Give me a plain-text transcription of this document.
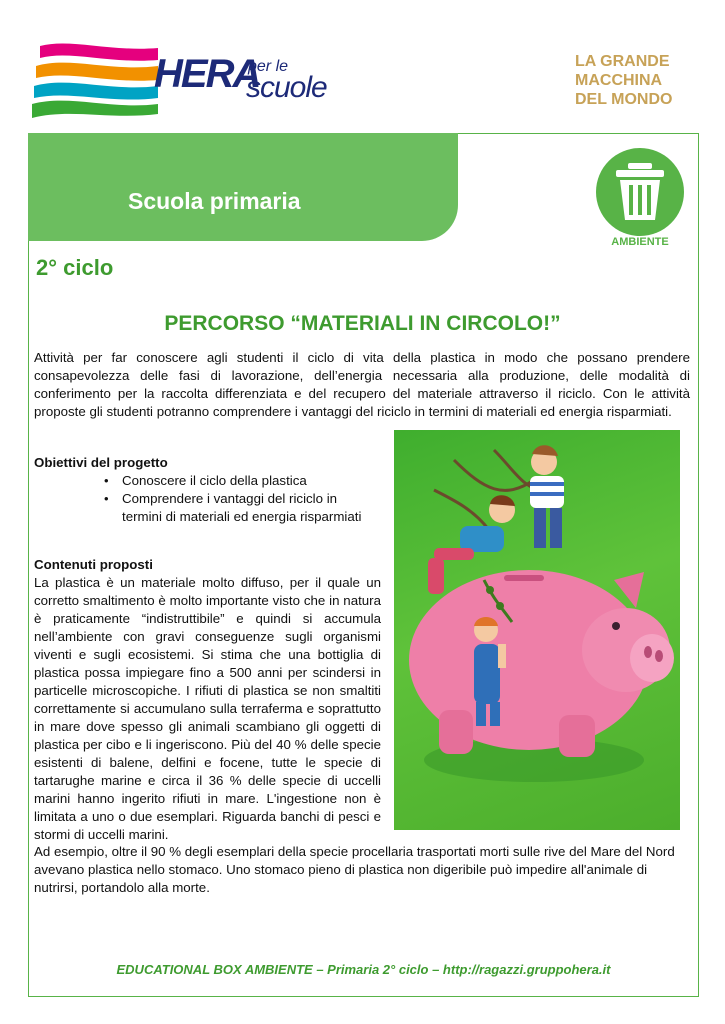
HERA
per le
scuole
LA GRANDE
MACCHINA
DEL MONDO
Scuola primaria
AMBIENTE
2° ciclo
PERCORSO “MATERIALI IN CIRCOLO!”
Attività per far conoscere agli studenti il ciclo di vita della plastica in modo che possano prendere consapevolezza delle fasi di lavorazione, dell’energia necessaria alla produzione, delle modalità di conferimento per la raccolta differenziata e del recupero del materiale attraverso il riciclo. Con le attività proposte gli studenti potranno comprendere i vantaggi del riciclo in termini di materiali ed energia risparmiati.
Obiettivi del progetto
• Conoscere il ciclo della plastica
• Comprendere i vantaggi del riciclo in termini di materiali ed energia risparmiati
Contenuti proposti
La plastica è un materiale molto diffuso, per il quale un corretto smaltimento è molto importante visto che in natura è praticamente “indistruttibile” e quindi si accumula nell’ambiente con gravi conseguenze sugli organismi viventi e sugli ecosistemi. Si stima che una bottiglia di plastica possa impiegare fino a 500 anni per scindersi in particelle microscopiche. I rifiuti di plastica se non smaltiti correttamente si accumulano sulla terraferma e soprattutto in mare dove spesso gli animali scambiano gli oggetti di plastica per cibo e li ingeriscono. Più del 40 % delle specie esistenti di balene, delfini e focene, tutte le specie di tartarughe marine e circa il 36 % delle specie di uccelli marini hanno ingerito rifiuti in mare. L'ingestione non è limitata a uno o due esemplari. Riguarda banchi di pesci e stormi di uccelli marini.
Ad esempio, oltre il 90 % degli esemplari della specie procellaria trasportati morti sulle rive del Mare del Nord avevano plastica nello stomaco. Uno stomaco pieno di plastica non digeribile può impedire all'animale di nutrirsi, portandolo alla morte.
EDUCATIONAL BOX AMBIENTE – Primaria 2° ciclo – http://ragazzi.gruppohera.it
